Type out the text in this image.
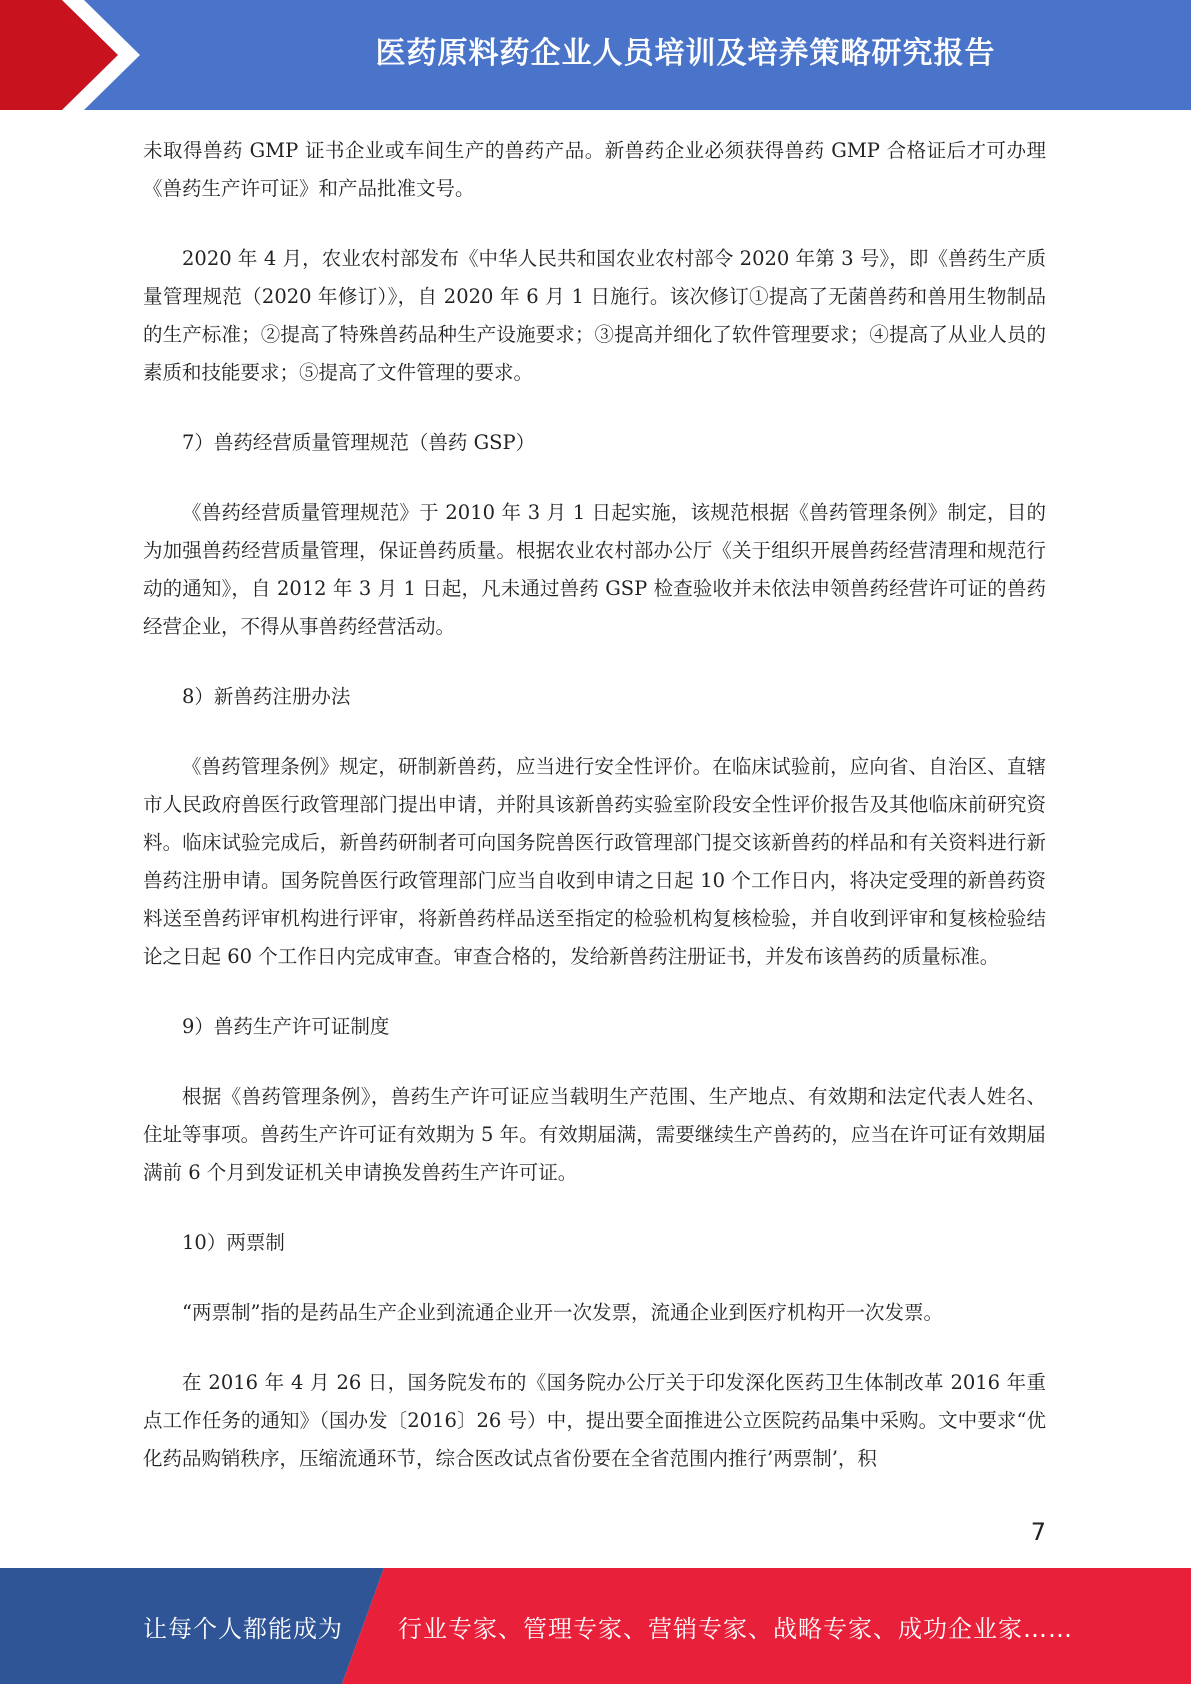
医药原料药企业人员培训及培养策略研究报告

未取得兽药 GMP 证书企业或车间生产的兽药产品。新兽药企业必须获得兽药 GMP 合格证后才可办理《兽药生产许可证》和产品批准文号。

2020 年 4 月，农业农村部发布《中华人民共和国农业农村部令 2020 年第 3 号》，即《兽药生产质量管理规范（2020 年修订）》，自 2020 年 6 月 1 日施行。该次修订①提高了无菌兽药和兽用生物制品的生产标准；②提高了特殊兽药品种生产设施要求；③提高并细化了软件管理要求；④提高了从业人员的素质和技能要求；⑤提高了文件管理的要求。

7）兽药经营质量管理规范（兽药 GSP）

《兽药经营质量管理规范》于 2010 年 3 月 1 日起实施，该规范根据《兽药管理条例》制定，目的为加强兽药经营质量管理，保证兽药质量。根据农业农村部办公厅《关于组织开展兽药经营清理和规范行动的通知》，自 2012 年 3 月 1 日起，凡未通过兽药 GSP 检查验收并未依法申领兽药经营许可证的兽药经营企业，不得从事兽药经营活动。

8）新兽药注册办法

《兽药管理条例》规定，研制新兽药，应当进行安全性评价。在临床试验前，应向省、自治区、直辖市人民政府兽医行政管理部门提出申请，并附具该新兽药实验室阶段安全性评价报告及其他临床前研究资料。临床试验完成后，新兽药研制者可向国务院兽医行政管理部门提交该新兽药的样品和有关资料进行新兽药注册申请。国务院兽医行政管理部门应当自收到申请之日起 10 个工作日内，将决定受理的新兽药资料送至兽药评审机构进行评审，将新兽药样品送至指定的检验机构复核检验，并自收到评审和复核检验结论之日起 60 个工作日内完成审查。审查合格的，发给新兽药注册证书，并发布该兽药的质量标准。

9）兽药生产许可证制度

根据《兽药管理条例》，兽药生产许可证应当载明生产范围、生产地点、有效期和法定代表人姓名、住址等事项。兽药生产许可证有效期为 5 年。有效期届满，需要继续生产兽药的，应当在许可证有效期届满前 6 个月到发证机关申请换发兽药生产许可证。

10）两票制

“两票制”指的是药品生产企业到流通企业开一次发票，流通企业到医疗机构开一次发票。

在 2016 年 4 月 26 日，国务院发布的《国务院办公厅关于印发深化医药卫生体制改革 2016 年重点工作任务的通知》（国办发〔2016〕26 号）中，提出要全面推进公立医院药品集中采购。文中要求“优化药品购销秩序，压缩流通环节，综合医改试点省份要在全省范围内推行’两票制’，积

7
让每个人都能成为 行业专家、管理专家、营销专家、战略专家、成功企业家……
